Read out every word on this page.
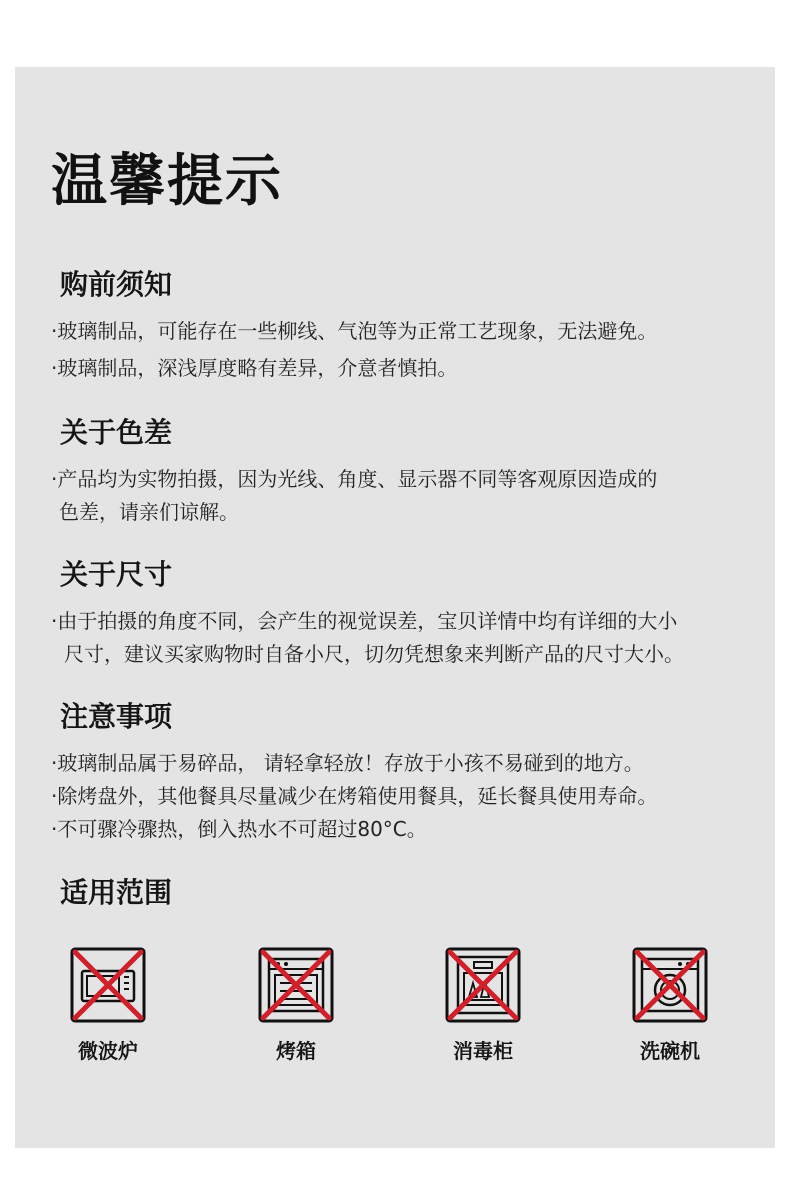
温馨提示
购前须知

·玻璃制品，可能存在一些柳线、气泡等为正常工艺现象，无法避免。

·玻璃制品，深浅厚度略有差异，介意者慎拍。

关于色差

·产品均为实物拍摄，因为光线、角度、显示器不同等客观原因造成的

色差，请亲们谅解。

关于尺寸

·由于拍摄的角度不同，会产生的视觉误差，宝贝详情中均有详细的大小

尺寸，建议买家购物时自备小尺，切勿凭想象来判断产品的尺寸大小。

注意事项

·玻璃制品属于易碎品， 请轻拿轻放！存放于小孩不易碰到的地方。

·除烤盘外，其他餐具尽量减少在烤箱使用餐具，延长餐具使用寿命。

·不可骤冷骤热，倒入热水不可超过80°C。

适用范围
微波炉	烤箱	消毒柜	洗碗机
